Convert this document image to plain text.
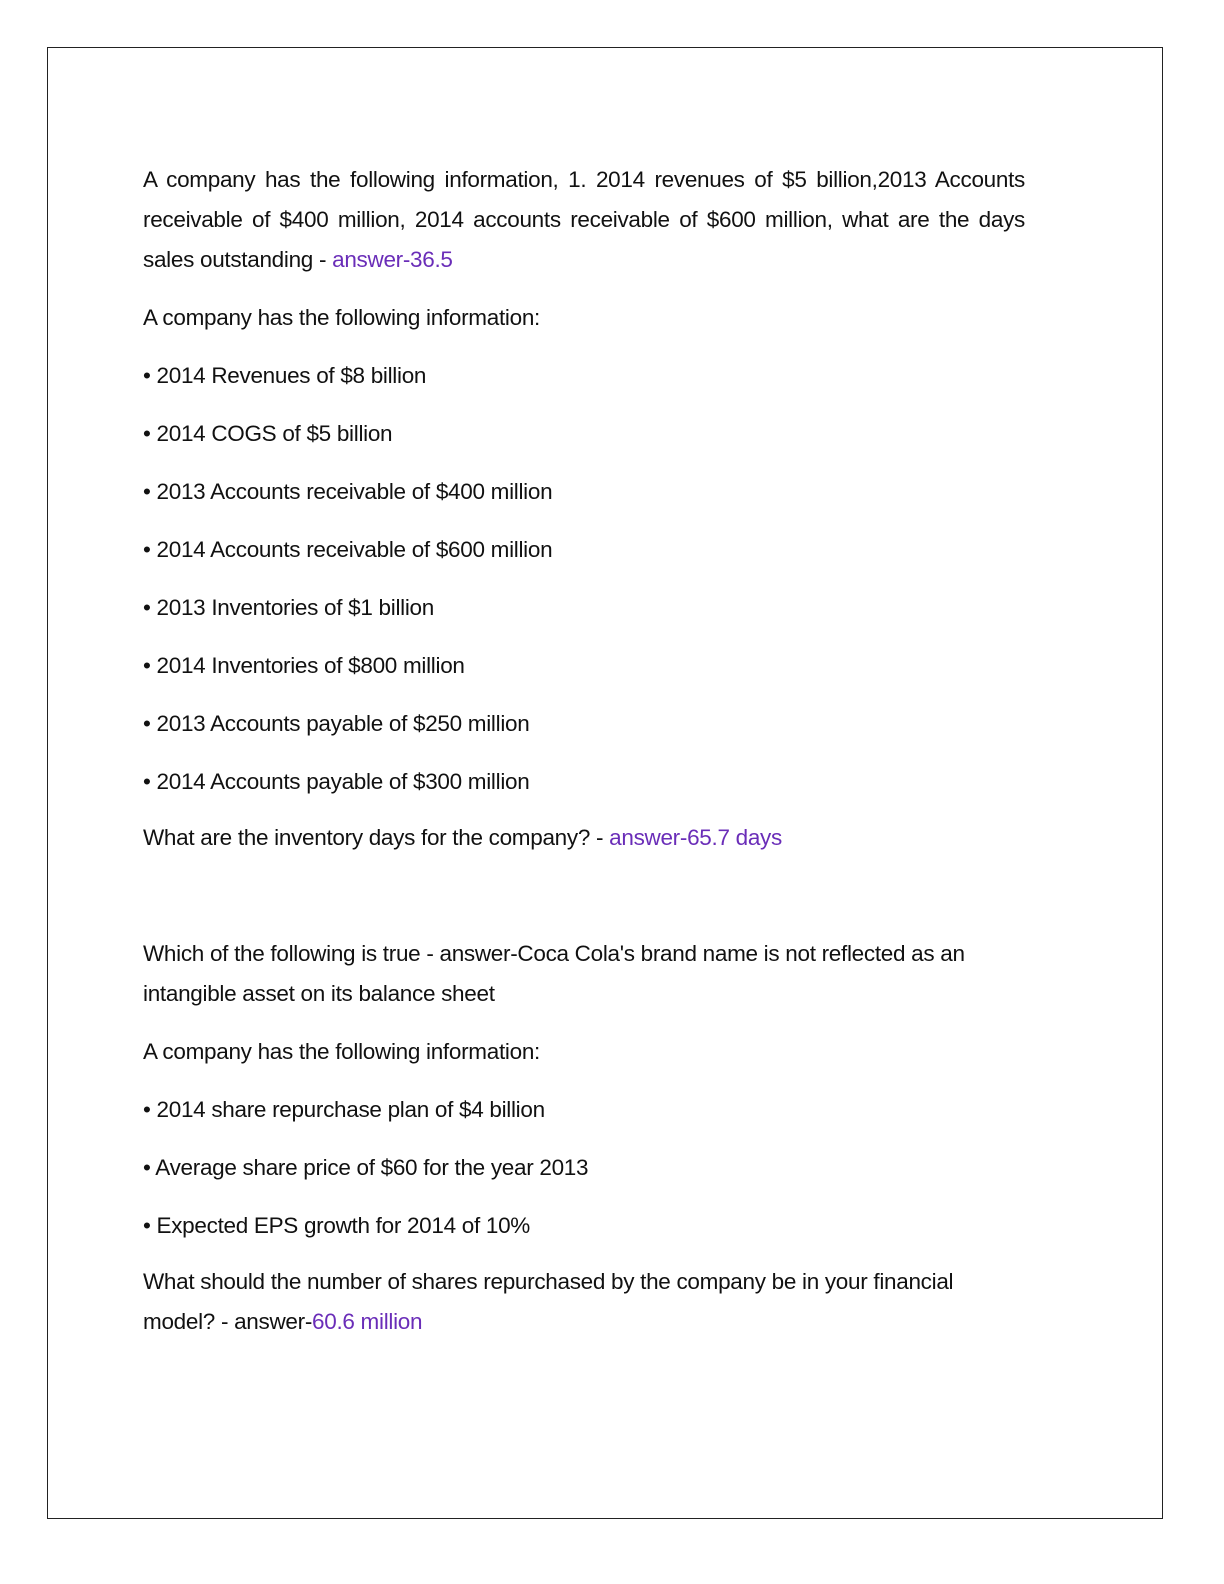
A company has the following information, 1. 2014 revenues of $5 billion,2013 Accounts receivable of $400 million, 2014 accounts receivable of $600 million, what are the days sales outstanding - answer-36.5

A company has the following information:

• 2014 Revenues of $8 billion
• 2014 COGS of $5 billion
• 2013 Accounts receivable of $400 million
• 2014 Accounts receivable of $600 million
• 2013 Inventories of $1 billion
• 2014 Inventories of $800 million
• 2013 Accounts payable of $250 million
• 2014 Accounts payable of $300 million

What are the inventory days for the company? - answer-65.7 days

Which of the following is true - answer-Coca Cola's brand name is not reflected as an intangible asset on its balance sheet

A company has the following information:

• 2014 share repurchase plan of $4 billion
• Average share price of $60 for the year 2013
• Expected EPS growth for 2014 of 10%

What should the number of shares repurchased by the company be in your financial model? - answer-60.6 million
